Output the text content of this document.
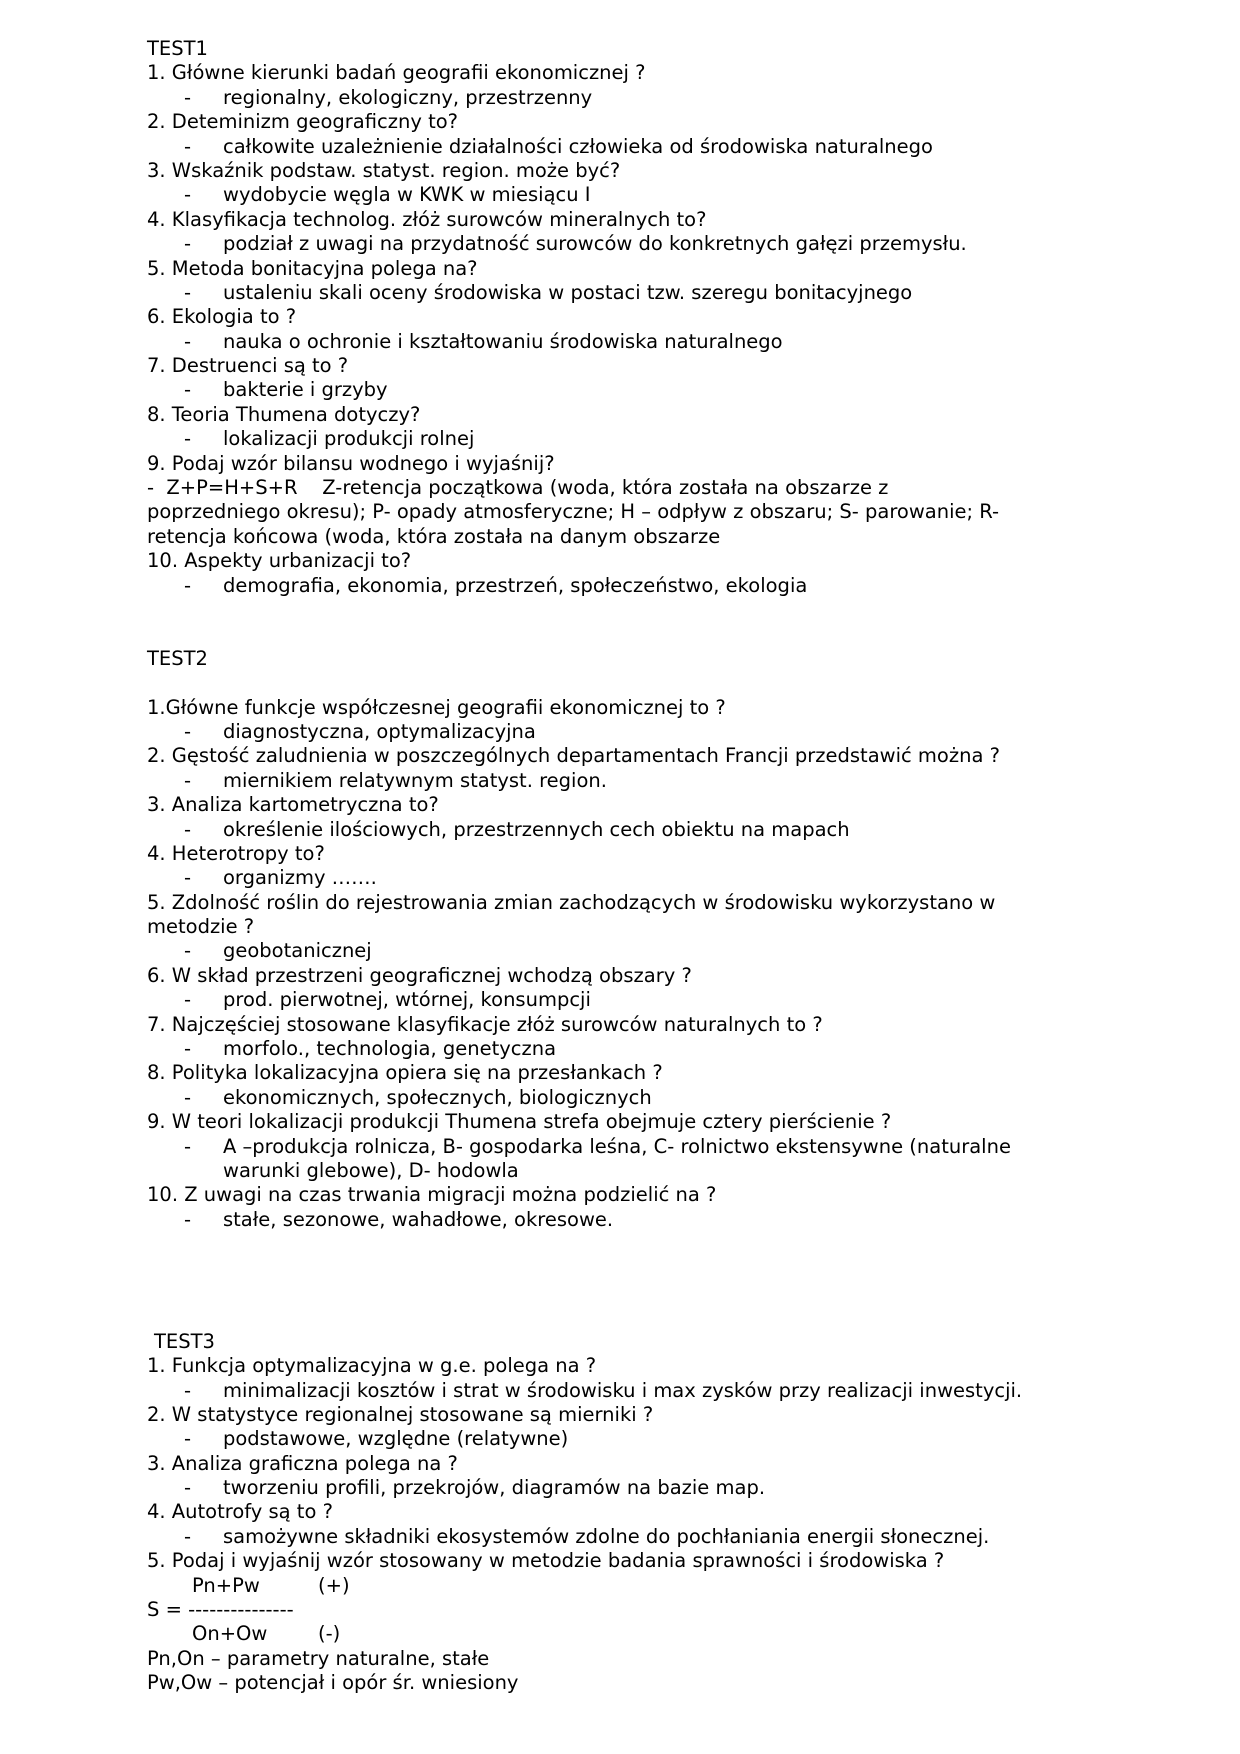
TEST1
1. Główne kierunki badań geografii ekonomicznej ?
- regionalny, ekologiczny, przestrzenny
2. Deteminizm geograficzny to?
- całkowite uzależnienie działalności człowieka od środowiska naturalnego
3. Wskaźnik podstaw. statyst. region. może być?
- wydobycie węgla w KWK w miesiącu I
4. Klasyfikacja technolog. złóż surowców mineralnych to?
- podział z uwagi na przydatność surowców do konkretnych gałęzi przemysłu.
5. Metoda bonitacyjna polega na?
- ustaleniu skali oceny środowiska w postaci tzw. szeregu bonitacyjnego
6. Ekologia to ?
- nauka o ochronie i kształtowaniu środowiska naturalnego
7. Destruenci są to ?
- bakterie i grzyby
8. Teoria Thumena dotyczy?
- lokalizacji produkcji rolnej
9. Podaj wzór bilansu wodnego i wyjaśnij?
-  Z+P=H+S+R    Z-retencja początkowa (woda, która została na obszarze z
poprzedniego okresu); P- opady atmosferyczne; H – odpływ z obszaru; S- parowanie; R-
retencja końcowa (woda, która została na danym obszarze
10. Aspekty urbanizacji to?
- demografia, ekonomia, przestrzeń, społeczeństwo, ekologia
TEST2
1.Główne funkcje współczesnej geografii ekonomicznej to ?
- diagnostyczna, optymalizacyjna
2. Gęstość zaludnienia w poszczególnych departamentach Francji przedstawić można ?
- miernikiem relatywnym statyst. region.
3. Analiza kartometryczna to?
- określenie ilościowych, przestrzennych cech obiektu na mapach
4. Heterotropy to?
- organizmy …….
5. Zdolność roślin do rejestrowania zmian zachodzących w środowisku wykorzystano w
metodzie ?
- geobotanicznej
6. W skład przestrzeni geograficznej wchodzą obszary ?
- prod. pierwotnej, wtórnej, konsumpcji
7. Najczęściej stosowane klasyfikacje złóż surowców naturalnych to ?
- morfolo., technologia, genetyczna
8. Polityka lokalizacyjna opiera się na przesłankach ?
- ekonomicznych, społecznych, biologicznych
9. W teori lokalizacji produkcji Thumena strefa obejmuje cztery pierścienie ?
- A –produkcja rolnicza, B- gospodarka leśna, C- rolnictwo ekstensywne (naturalne
warunki glebowe), D- hodowla
10. Z uwagi na czas trwania migracji można podzielić na ?
- stałe, sezonowe, wahadłowe, okresowe.
TEST3
1. Funkcja optymalizacyjna w g.e. polega na ?
- minimalizacji kosztów i strat w środowisku i max zysków przy realizacji inwestycji.
2. W statystyce regionalnej stosowane są mierniki ?
- podstawowe, względne (relatywne)
3. Analiza graficzna polega na ?
- tworzeniu profili, przekrojów, diagramów na bazie map.
4. Autotrofy są to ?
- samożywne składniki ekosystemów zdolne do pochłaniania energii słonecznej.
5. Podaj i wyjaśnij wzór stosowany w metodzie badania sprawności i środowiska ?
Pn+Pw	(+)
S = ---------------
On+Ow	(-)
Pn,On – parametry naturalne, stałe
Pw,Ow – potencjał i opór śr. wniesiony
